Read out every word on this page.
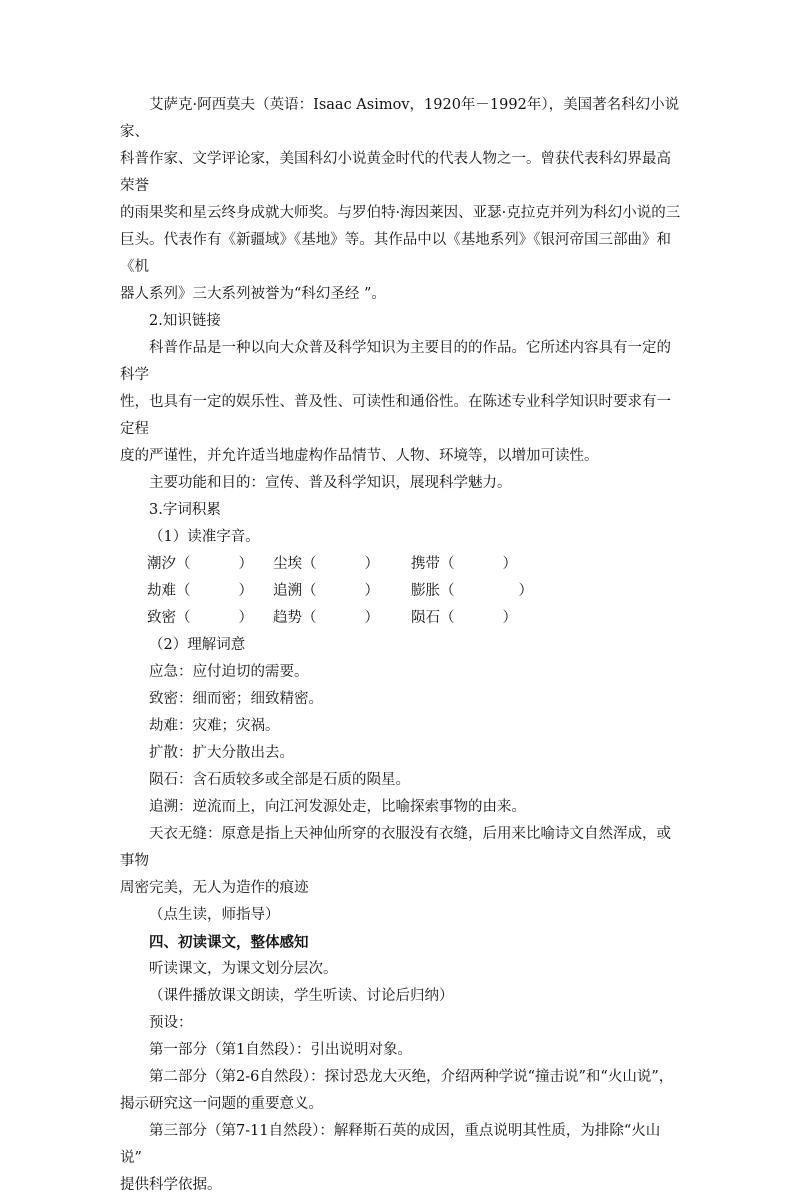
艾萨克·阿西莫夫（英语：Isaac Asimov，1920年－1992年），美国著名科幻小说家、

科普作家、文学评论家，美国科幻小说黄金时代的代表人物之一。曾获代表科幻界最高荣誉

的雨果奖和星云终身成就大师奖。与罗伯特·海因莱因、亚瑟·克拉克并列为科幻小说的三

巨头。代表作有《新疆域》《基地》等。其作品中以《基地系列》《银河帝国三部曲》和《机

器人系列》三大系列被誉为“科幻圣经 ”。

2.知识链接

科普作品是一种以向大众普及科学知识为主要目的的作品。它所述内容具有一定的科学

性，也具有一定的娱乐性、普及性、可读性和通俗性。在陈述专业科学知识时要求有一定程

度的严谨性，并允许适当地虚构作品情节、人物、环境等，以增加可读性。

主要功能和目的：宣传、普及科学知识，展现科学魅力。

3.字词积累

（1）读准字音。

潮汐（	）	尘埃（	）	携带（	）
劫难（	）	追溯（	）	膨胀（	）
致密（	）	趋势（	）	陨石（	）

（2）理解词意

应急：应付迫切的需要。

致密：细而密；细致精密。

劫难：灾难；灾祸。

扩散：扩大分散出去。

陨石：含石质较多或全部是石质的陨星。

追溯：逆流而上，向江河发源处走，比喻探索事物的由来。

天衣无缝：原意是指上天神仙所穿的衣服没有衣缝，后用来比喻诗文自然浑成，或事物

周密完美，无人为造作的痕迹

（点生读，师指导）

四、初读课文，整体感知

听读课文，为课文划分层次。

（课件播放课文朗读，学生听读、讨论后归纳）

预设：

第一部分（第1自然段）：引出说明对象。

第二部分（第2-6自然段）：探讨恐龙大灭绝，介绍两种学说“撞击说”和“火山说”，

揭示研究这一问题的重要意义。

第三部分（第7-11自然段）：解释斯石英的成因，重点说明其性质，为排除“火山说”

提供科学依据。
